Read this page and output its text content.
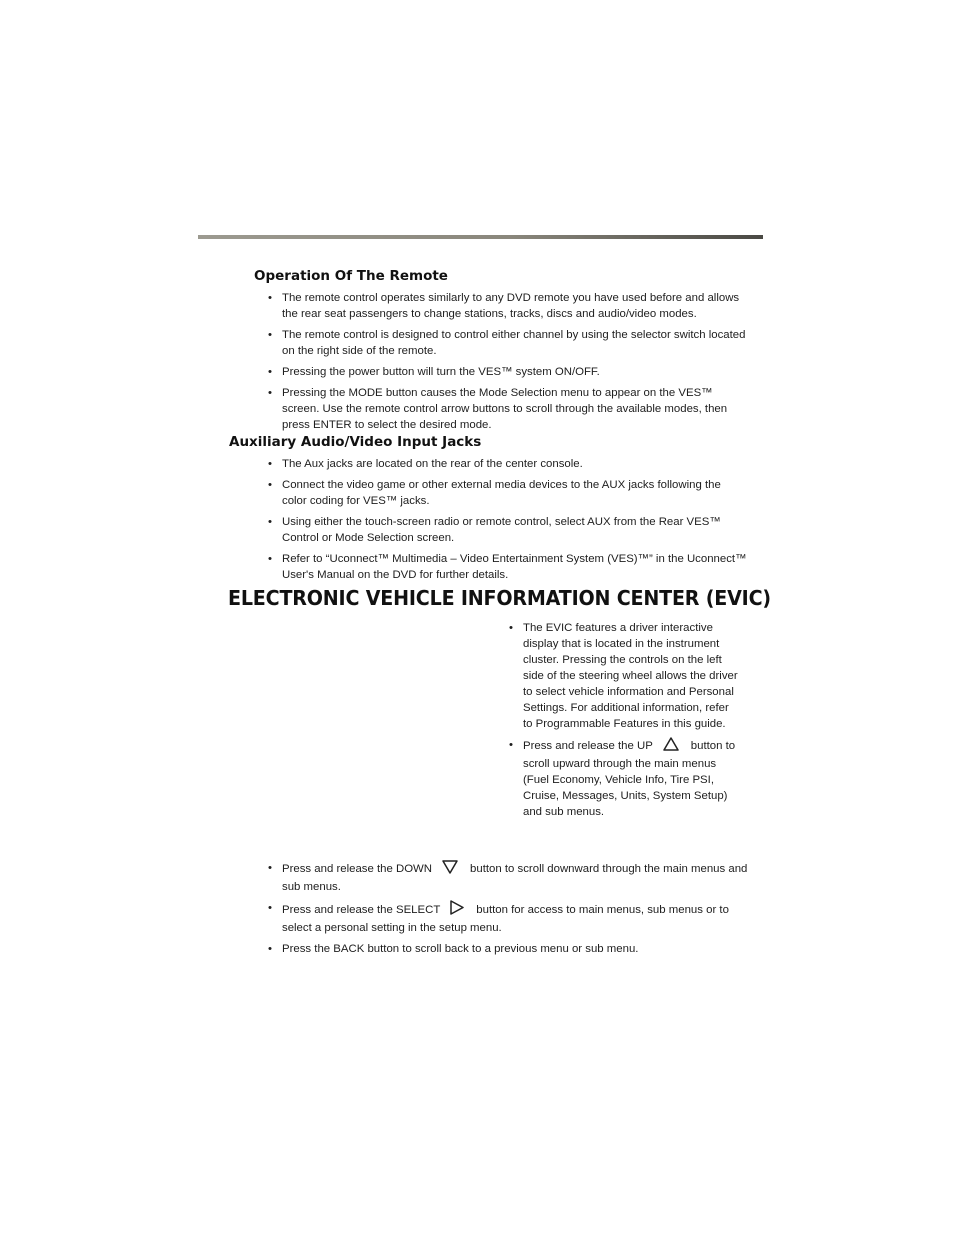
Operation Of The Remote
• The remote control operates similarly to any DVD remote you have used before and allows the rear seat passengers to change stations, tracks, discs and audio/video modes.
• The remote control is designed to control either channel by using the selector switch located on the right side of the remote.
• Pressing the power button will turn the VES™ system ON/OFF.
• Pressing the MODE button causes the Mode Selection menu to appear on the VES™ screen. Use the remote control arrow buttons to scroll through the available modes, then press ENTER to select the desired mode.
Auxiliary Audio/Video Input Jacks
• The Aux jacks are located on the rear of the center console.
• Connect the video game or other external media devices to the AUX jacks following the color coding for VES™ jacks.
• Using either the touch-screen radio or remote control, select AUX from the Rear VES™ Control or Mode Selection screen.
• Refer to “Uconnect™ Multimedia – Video Entertainment System (VES)™” in the Uconnect™ User's Manual on the DVD for further details.
ELECTRONIC VEHICLE INFORMATION CENTER (EVIC)
• The EVIC features a driver interactive display that is located in the instrument cluster. Pressing the controls on the left side of the steering wheel allows the driver to select vehicle information and Personal Settings. For additional information, refer to Programmable Features in this guide.
• Press and release the UP	button to scroll upward through the main menus (Fuel Economy, Vehicle Info, Tire PSI, Cruise, Messages, Units, System Setup) and sub menus.
• Press and release the DOWN	button to scroll downward through the main menus and sub menus.
• Press and release the SELECT	button for access to main menus, sub menus or to select a personal setting in the setup menu.
• Press the BACK button to scroll back to a previous menu or sub menu.
